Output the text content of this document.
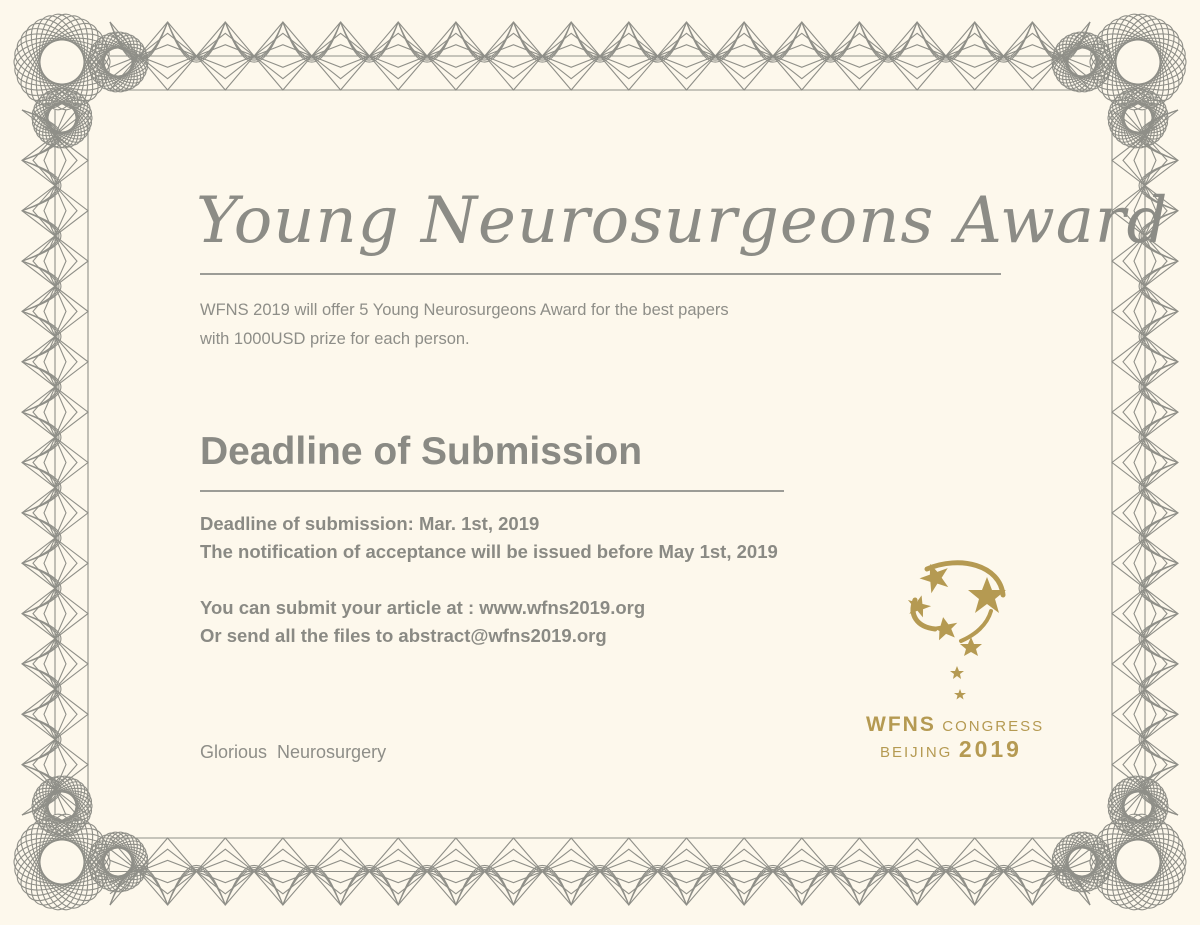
Young Neurosurgeons Award
WFNS 2019 will offer 5 Young Neurosurgeons Award for the best papers
with 1000USD prize for each person.
Deadline of Submission
Deadline of submission: Mar. 1st, 2019
The notification of acceptance will be issued before May 1st, 2019
You can submit your article at : www.wfns2019.org
Or send all the files to abstract@wfns2019.org
Glorious  Neurosurgery
WFNS CONGRESS
BEIJING 2019
